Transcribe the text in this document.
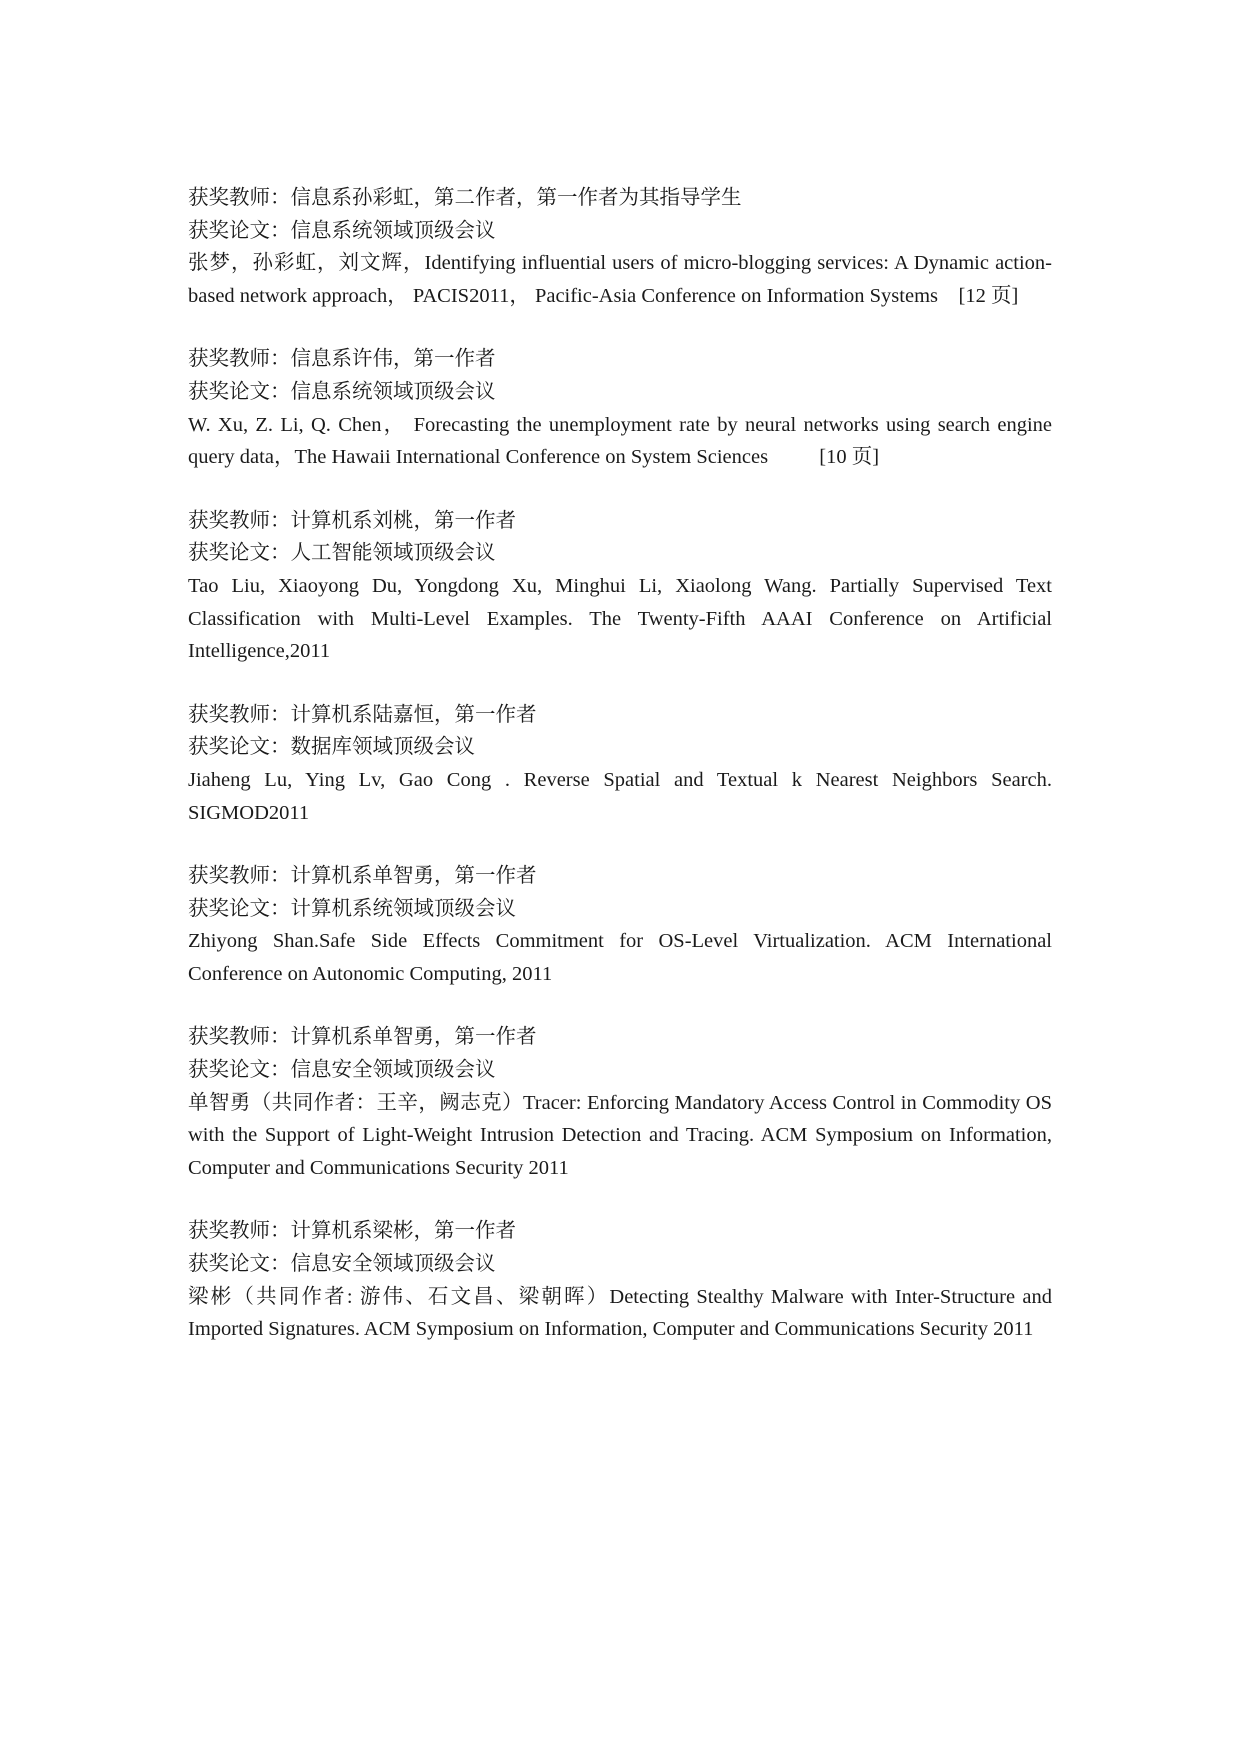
获奖教师：信息系孙彩虹，第二作者，第一作者为其指导学生
获奖论文：信息系统领域顶级会议
张梦，孙彩虹，刘文辉，Identifying influential users of micro-blogging services: A Dynamic action-based network approach， PACIS2011， Pacific-Asia Conference on Information Systems    [12 页]
获奖教师：信息系许伟，第一作者
获奖论文：信息系统领域顶级会议
W. Xu, Z. Li, Q. Chen， Forecasting the unemployment rate by neural networks using search engine query data，The Hawaii International Conference on System Sciences          [10 页]
获奖教师：计算机系刘桃，第一作者
获奖论文：人工智能领域顶级会议
Tao Liu, Xiaoyong Du, Yongdong Xu, Minghui Li, Xiaolong Wang. Partially Supervised Text Classification with Multi-Level Examples. The Twenty-Fifth AAAI Conference on Artificial Intelligence,2011
获奖教师：计算机系陆嘉恒，第一作者
获奖论文：数据库领域顶级会议
Jiaheng Lu, Ying Lv, Gao Cong . Reverse Spatial and Textual k Nearest Neighbors Search. SIGMOD2011
获奖教师：计算机系单智勇，第一作者
获奖论文：计算机系统领域顶级会议
Zhiyong Shan.Safe Side Effects Commitment for OS-Level Virtualization. ACM International Conference on Autonomic Computing, 2011
获奖教师：计算机系单智勇，第一作者
获奖论文：信息安全领域顶级会议
单智勇（共同作者：王辛，阙志克）Tracer: Enforcing Mandatory Access Control in Commodity OS with the Support of Light-Weight Intrusion Detection and Tracing. ACM Symposium on Information, Computer and Communications Security 2011
获奖教师：计算机系梁彬，第一作者
获奖论文：信息安全领域顶级会议
梁彬（共同作者: 游伟、石文昌、梁朝晖）Detecting Stealthy Malware with Inter-Structure and Imported Signatures. ACM Symposium on Information, Computer and Communications Security 2011
